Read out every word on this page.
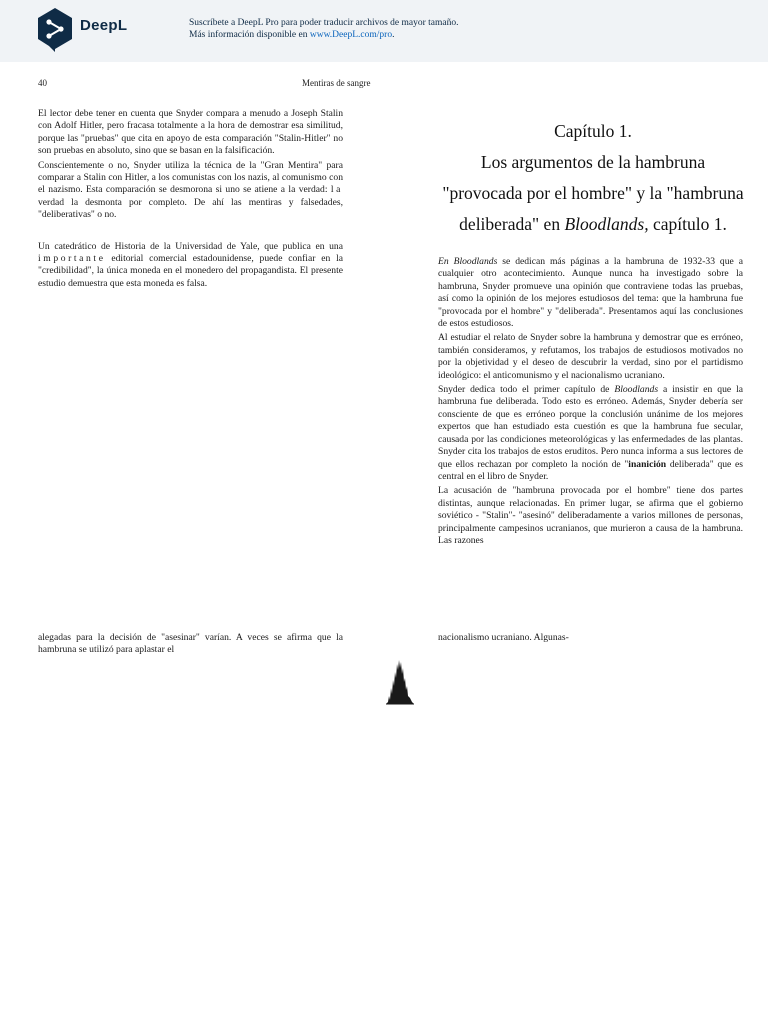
DeepL	Suscríbete a DeepL Pro para poder traducir archivos de mayor tamaño.
Más información disponible en www.DeepL.com/pro.
40	Mentiras de sangre

El lector debe tener en cuenta que Snyder compara a menudo a Joseph Stalin con Adolf Hitler, pero fracasa totalmente a la hora de demostrar esa similitud, porque las "pruebas" que cita en apoyo de esta comparación "Stalin-Hitler" no son pruebas en absoluto, sino que se basan en la falsificación.

Conscientemente o no, Snyder utiliza la técnica de la "Gran Mentira" para comparar a Stalin con Hitler, a los comunistas con los nazis, al comunismo con el nazismo. Esta comparación se desmorona si uno se atiene a la verdad: la verdad la desmonta por completo. De ahí las mentiras y falsedades, "deliberativas" o no.

Un catedrático de Historia de la Universidad de Yale, que publica en una importante editorial comercial estadounidense, puede confiar en la "credibilidad", la única moneda en el monedero del propagandista. El presente estudio demuestra que esta moneda es falsa.

Capítulo 1.
Los argumentos de la hambruna
"provocada por el hombre" y la "hambruna
deliberada" en Bloodlands, capítulo 1.

En Bloodlands se dedican más páginas a la hambruna de 1932-33 que a cualquier otro acontecimiento. Aunque nunca ha investigado sobre la hambruna, Snyder promueve una opinión que contraviene todas las pruebas, así como la opinión de los mejores estudiosos del tema: que la hambruna fue "provocada por el hombre" y "deliberada". Presentamos aquí las conclusiones de estos estudiosos.

Al estudiar el relato de Snyder sobre la hambruna y demostrar que es erróneo, también consideramos, y refutamos, los trabajos de estudiosos motivados no por la objetividad y el deseo de descubrir la verdad, sino por el partidismo ideológico: el anticomunismo y el nacionalismo ucraniano.

Snyder dedica todo el primer capítulo de Bloodlands a insistir en que la hambruna fue deliberada. Todo esto es erróneo. Además, Snyder debería ser consciente de que es erróneo porque la conclusión unánime de los mejores expertos que han estudiado esta cuestión es que la hambruna fue secular, causada por las condiciones meteorológicas y las enfermedades de las plantas. Snyder cita los trabajos de estos eruditos. Pero nunca informa a sus lectores de que ellos rechazan por completo la noción de "inanición deliberada" que es central en el libro de Snyder.

La acusación de "hambruna provocada por el hombre" tiene dos partes distintas, aunque relacionadas. En primer lugar, se afirma que el gobierno soviético - "Stalin"- "asesinó" deliberadamente a varios millones de personas, principalmente campesinos ucranianos, que murieron a causa de la hambruna. Las razones

alegadas para la decisión de "asesinar" varían. A veces se afirma que la hambruna se utilizó para aplastar el

nacionalismo ucraniano. Algunas-
